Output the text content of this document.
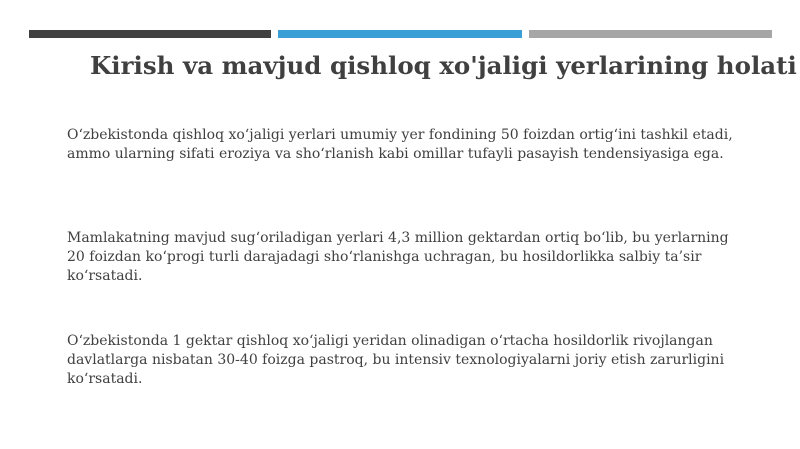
Kirish va mavjud qishloq xo'jaligi yerlarining holati
O‘zbekistonda qishloq xo‘jaligi yerlari umumiy yer fondining 50 foizdan ortig‘ini tashkil etadi,
ammo ularning sifati eroziya va sho‘rlanish kabi omillar tufayli pasayish tendensiyasiga ega.
Mamlakatning mavjud sug‘oriladigan yerlari 4,3 million gektardan ortiq bo‘lib, bu yerlarning
20 foizdan ko‘progi turli darajadagi sho‘rlanishga uchragan, bu hosildorlikka salbiy ta’sir
ko‘rsatadi.
O‘zbekistonda 1 gektar qishloq xo‘jaligi yeridan olinadigan o‘rtacha hosildorlik rivojlangan
davlatlarga nisbatan 30-40 foizga pastroq, bu intensiv texnologiyalarni joriy etish zarurligini
ko‘rsatadi.
